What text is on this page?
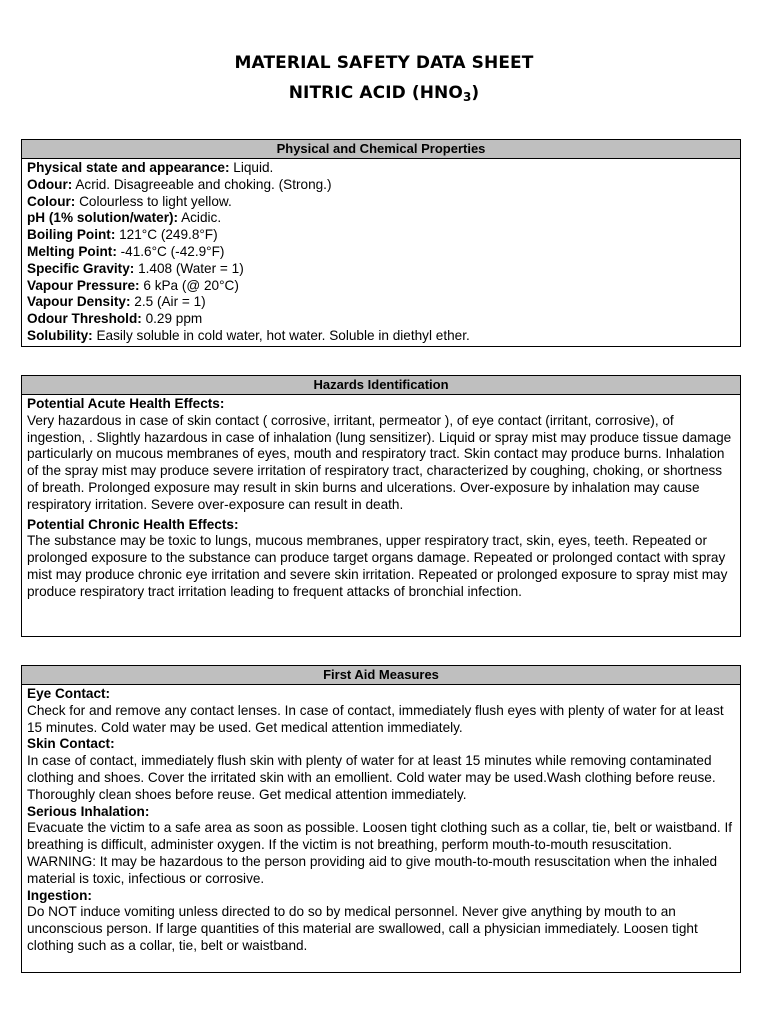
MATERIAL SAFETY DATA SHEET
NITRIC ACID $(HNO_3)$
Physical and Chemical Properties
Physical state and appearance: Liquid.
Odour: Acrid. Disagreeable and choking. (Strong.)
Colour: Colourless to light yellow.
pH (1% solution/water): Acidic.
Boiling Point: 121°C (249.8°F)
Melting Point: -41.6°C (-42.9°F)
Specific Gravity: 1.408 (Water = 1)
Vapour Pressure: 6 kPa (@ 20°C)
Vapour Density: 2.5 (Air = 1)
Odour Threshold: 0.29 ppm
Solubility: Easily soluble in cold water, hot water. Soluble in diethyl ether.
Hazards Identification
Potential Acute Health Effects:

Very hazardous in case of skin contact ( corrosive, irritant, permeator ), of eye contact (irritant, corrosive), of ingestion, . Slightly hazardous in case of inhalation (lung sensitizer). Liquid or spray mist may produce tissue damage particularly on mucous membranes of eyes, mouth and respiratory tract. Skin contact may produce burns. Inhalation of the spray mist may produce severe irritation of respiratory tract, characterized by coughing, choking, or shortness of breath. Prolonged exposure may result in skin burns and ulcerations. Over-exposure by inhalation may cause respiratory irritation. Severe over-exposure can result in death.

Potential Chronic Health Effects:

The substance may be toxic to lungs, mucous membranes, upper respiratory tract, skin, eyes, teeth. Repeated or prolonged exposure to the substance can produce target organs damage. Repeated or prolonged contact with spray mist may produce chronic eye irritation and severe skin irritation. Repeated or prolonged exposure to spray mist may produce respiratory tract irritation leading to frequent attacks of bronchial infection.

First Aid Measures
Eye Contact:

Check for and remove any contact lenses. In case of contact, immediately flush eyes with plenty of water for at least 15 minutes. Cold water may be used. Get medical attention immediately.

Skin Contact:

In case of contact, immediately flush skin with plenty of water for at least 15 minutes while removing contaminated clothing and shoes. Cover the irritated skin with an emollient. Cold water may be used.Wash clothing before reuse. Thoroughly clean shoes before reuse. Get medical attention immediately.

Serious Inhalation:

Evacuate the victim to a safe area as soon as possible. Loosen tight clothing such as a collar, tie, belt or waistband. If breathing is difficult, administer oxygen. If the victim is not breathing, perform mouth-to-mouth resuscitation. WARNING: It may be hazardous to the person providing aid to give mouth-to-mouth resuscitation when the inhaled material is toxic, infectious or corrosive.

Ingestion:

Do NOT induce vomiting unless directed to do so by medical personnel. Never give anything by mouth to an unconscious person. If large quantities of this material are swallowed, call a physician immediately. Loosen tight clothing such as a collar, tie, belt or waistband.
